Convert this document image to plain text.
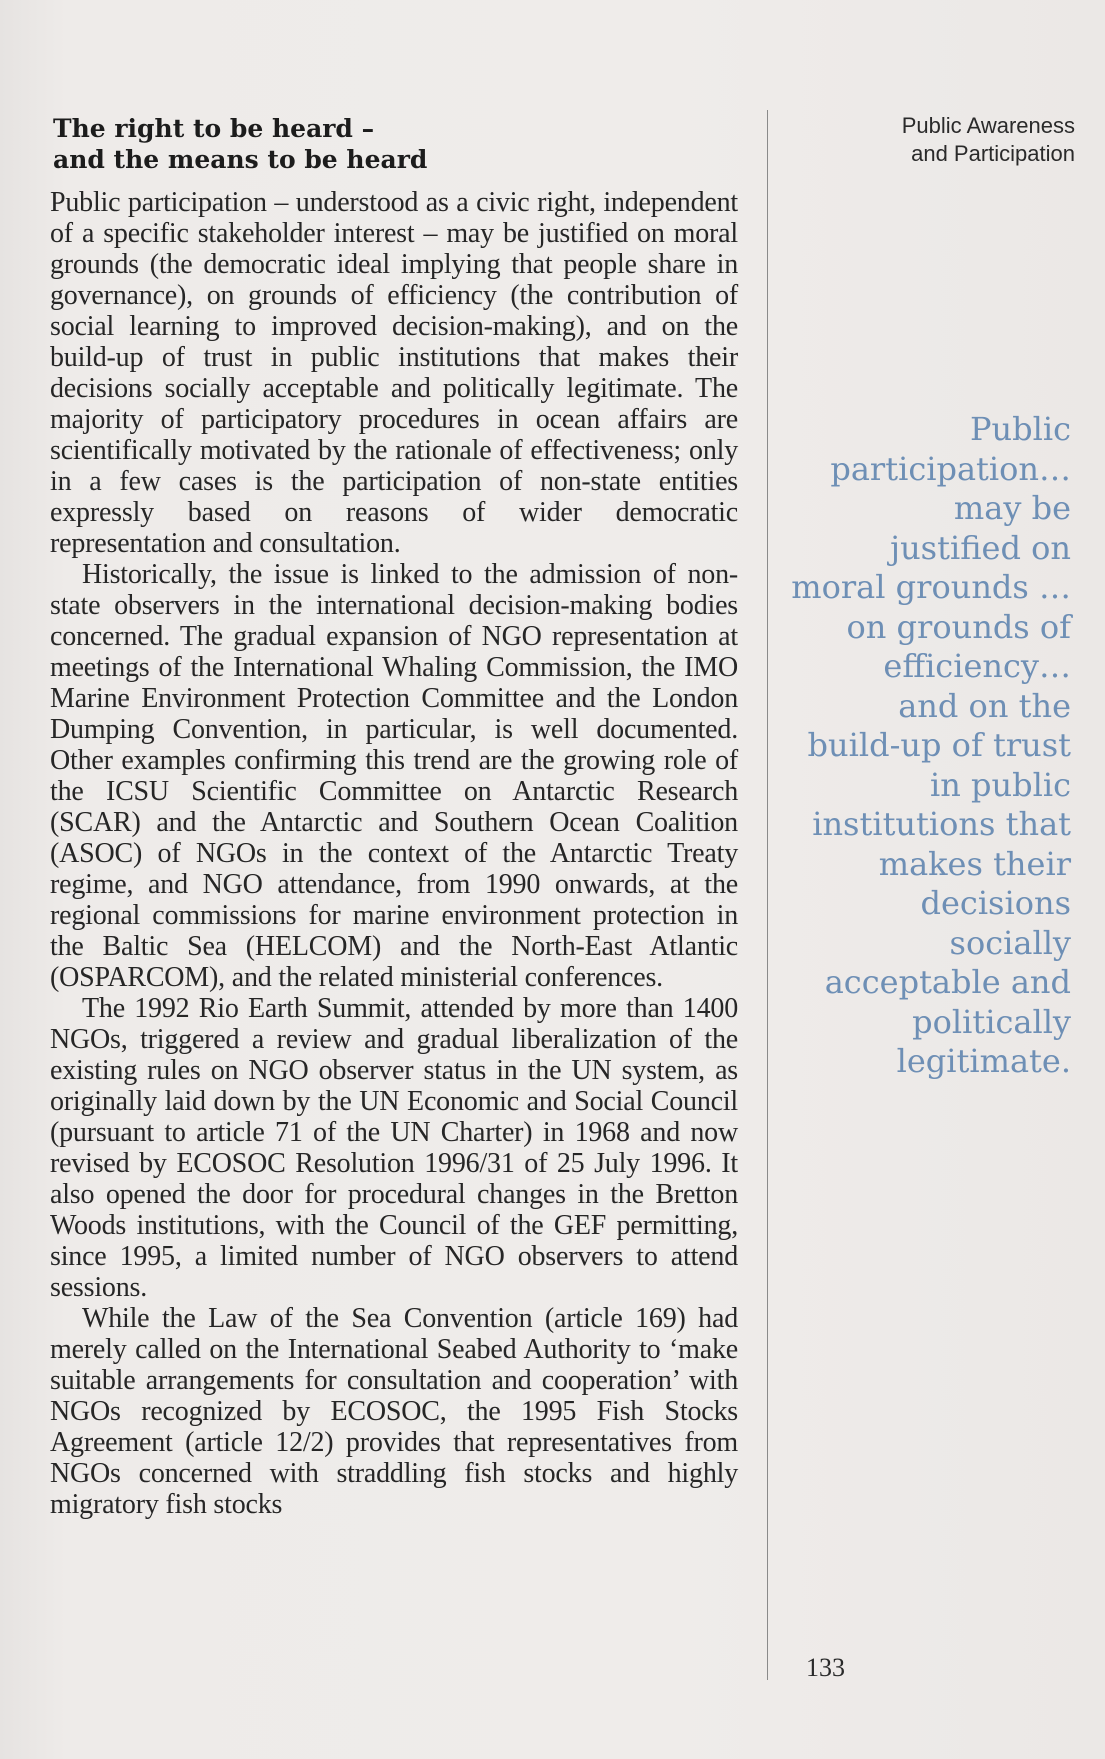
Public Awareness
and Participation
The right to be heard –
and the means to be heard

Public participation – understood as a civic right, independent of a specific stakeholder interest – may be justified on moral grounds (the democratic ideal implying that people share in governance), on grounds of efficiency (the contribution of social learning to improved decision-making), and on the build-up of trust in public institutions that makes their decisions socially acceptable and politically legitimate. The majority of participatory procedures in ocean affairs are scientifically motivated by the rationale of effectiveness; only in a few cases is the participation of non-state entities expressly based on reasons of wider democratic representation and consultation.

Historically, the issue is linked to the admission of non-state observers in the international decision-making bodies concerned. The gradual expansion of NGO representation at meetings of the International Whaling Commission, the IMO Marine Environment Protection Committee and the London Dumping Convention, in particular, is well documented. Other examples confirming this trend are the growing role of the ICSU Scientific Committee on Antarctic Research (SCAR) and the Antarctic and Southern Ocean Coalition (ASOC) of NGOs in the context of the Antarctic Treaty regime, and NGO attendance, from 1990 onwards, at the regional commissions for marine environment protection in the Baltic Sea (HELCOM) and the North-East Atlantic (OSPARCOM), and the related ministerial conferences.

The 1992 Rio Earth Summit, attended by more than 1400 NGOs, triggered a review and gradual liberalization of the existing rules on NGO observer status in the UN system, as originally laid down by the UN Economic and Social Council (pursuant to article 71 of the UN Charter) in 1968 and now revised by ECOSOC Resolution 1996/31 of 25 July 1996. It also opened the door for procedural changes in the Bretton Woods institutions, with the Council of the GEF permitting, since 1995, a limited number of NGO observers to attend sessions.

While the Law of the Sea Convention (article 169) had merely called on the International Seabed Authority to ‘make suitable arrangements for consultation and cooperation’ with NGOs recognized by ECOSOC, the 1995 Fish Stocks Agreement (article 12/2) provides that representatives from NGOs concerned with straddling fish stocks and highly migratory fish stocks

Public
participation…
may be
justified on
moral grounds …
on grounds of
efficiency…
and on the
build-up of trust
in public
institutions that
makes their
decisions
socially
acceptable and
politically
legitimate.
133
